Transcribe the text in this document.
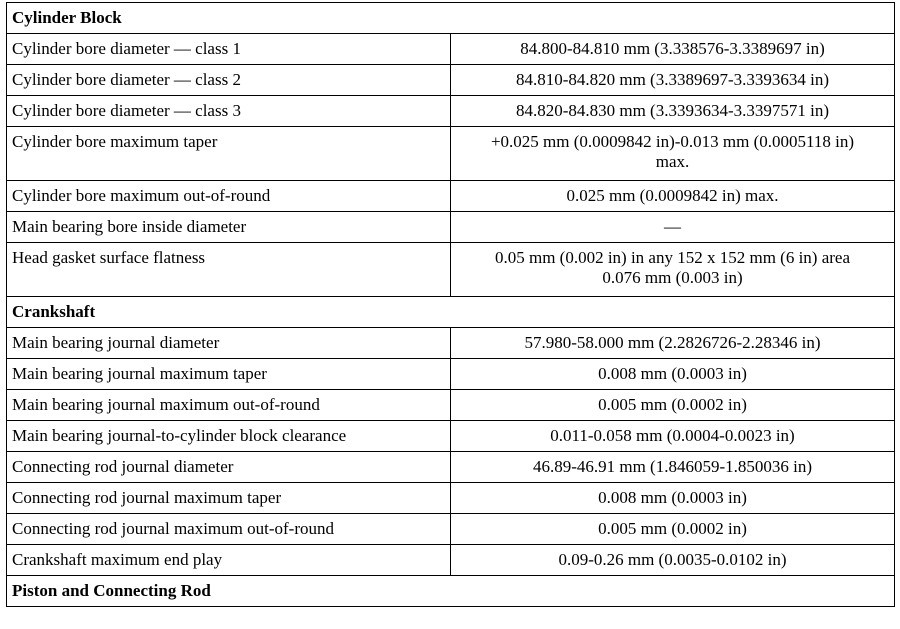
Cylinder Block	
Cylinder bore diameter — class 1	84.800-84.810 mm (3.338576-3.3389697 in)
Cylinder bore diameter — class 2	84.810-84.820 mm (3.3389697-3.3393634 in)
Cylinder bore diameter — class 3	84.820-84.830 mm (3.3393634-3.3397571 in)
Cylinder bore maximum taper	+0.025 mm (0.0009842 in)-0.013 mm (0.0005118 in)
max.

Cylinder bore maximum out-of-round	0.025 mm (0.0009842 in) max.
Main bearing bore inside diameter	—
Head gasket surface flatness	0.05 mm (0.002 in) in any 152 x 152 mm (6 in) area
0.076 mm (0.003 in)

Crankshaft	
Main bearing journal diameter	57.980-58.000 mm (2.2826726-2.28346 in)
Main bearing journal maximum taper	0.008 mm (0.0003 in)
Main bearing journal maximum out-of-round	0.005 mm (0.0002 in)
Main bearing journal-to-cylinder block clearance	0.011-0.058 mm (0.0004-0.0023 in)
Connecting rod journal diameter	46.89-46.91 mm (1.846059-1.850036 in)
Connecting rod journal maximum taper	0.008 mm (0.0003 in)
Connecting rod journal maximum out-of-round	0.005 mm (0.0002 in)
Crankshaft maximum end play	0.09-0.26 mm (0.0035-0.0102 in)
Piston and Connecting Rod	
